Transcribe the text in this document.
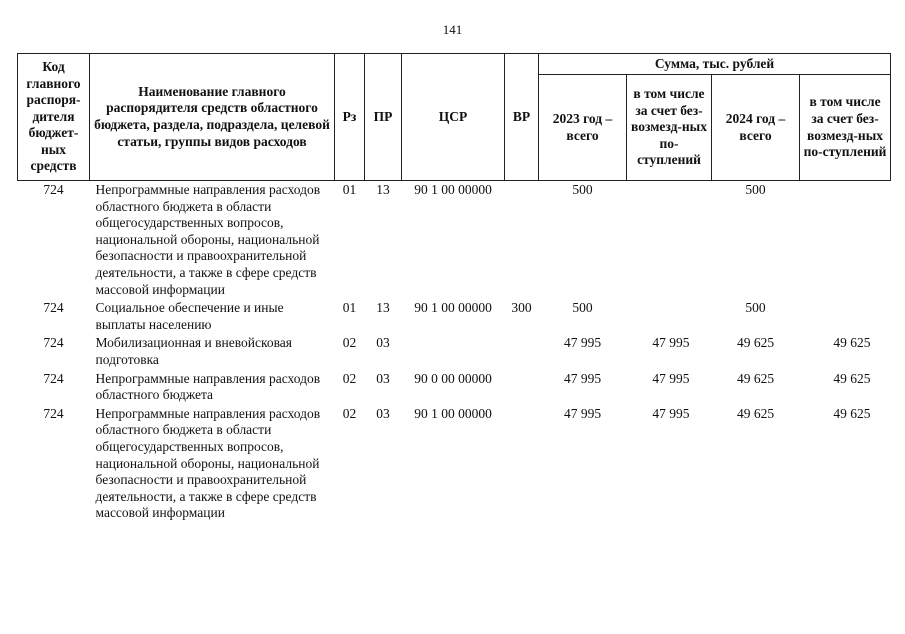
141
Код главного распоря-дителя бюджет-ных средств	Наименование главного распорядителя средств областного бюджета, раздела, подраздела, целевой статьи, группы видов расходов	Рз	ПР	ЦСР	ВР	Сумма, тыс. рублей			
						2023 год – всего	в том числе за счет без-возмезд-ных по-ступлений	2024 год – всего	в том числе за счет без-возмезд-ных по-ступлений
724	Непрограммные направления расходов областного бюджета в области общегосударственных вопросов, национальной обороны, национальной безопасности и правоохранительной деятельности, а также в сфере средств массовой информации	01	13	90 1 00 00000		500		500	
724	Социальное обеспечение и иные выплаты населению	01	13	90 1 00 00000	300	500		500	
724	Мобилизационная и вневойсковая подготовка	02	03			47 995	47 995	49 625	49 625
724	Непрограммные направления расходов областного бюджета	02	03	90 0 00 00000		47 995	47 995	49 625	49 625
724	Непрограммные направления расходов областного бюджета в области общегосударственных вопросов, национальной обороны, национальной безопасности и правоохранительной деятельности, а также в сфере средств массовой информации	02	03	90 1 00 00000		47 995	47 995	49 625	49 625
